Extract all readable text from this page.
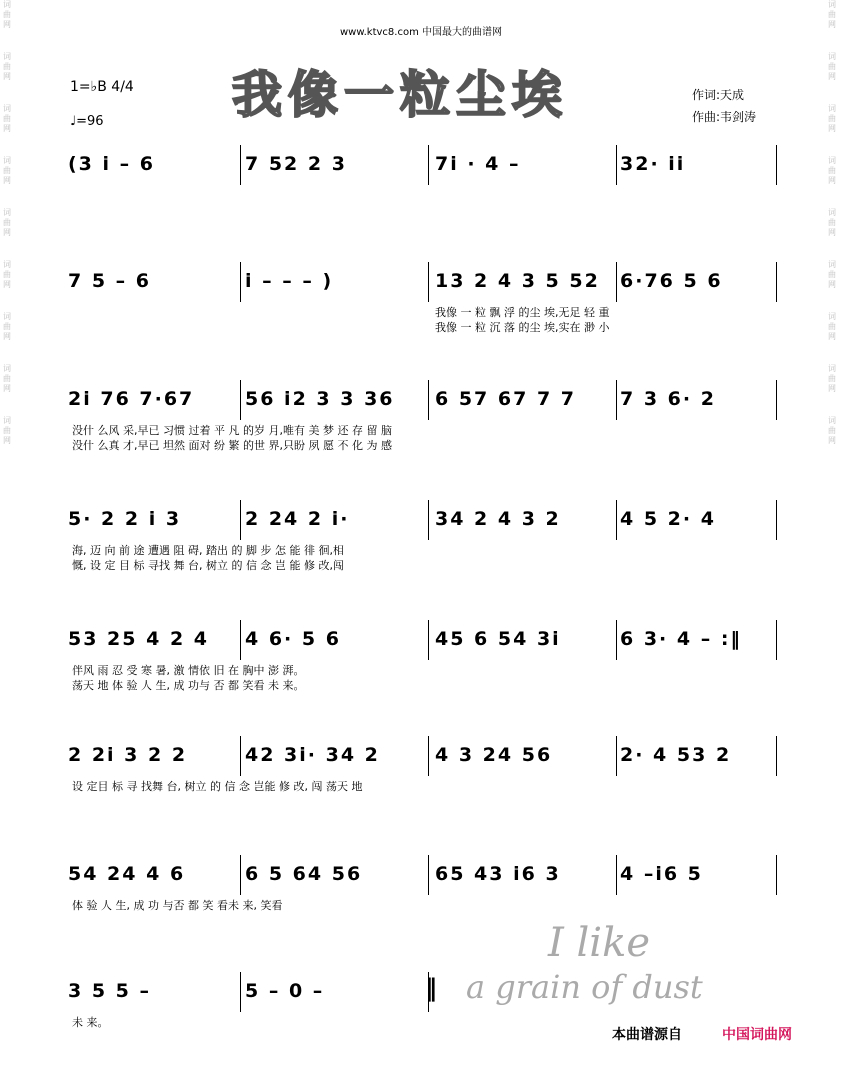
词
曲
网
词
曲
网
词
曲
网
词
曲
网
词
曲
网
词
曲
网
词
曲
网
词
曲
网
词
曲
网
词
曲
网
词
曲
网
词
曲
网
词
曲
网
词
曲
网
词
曲
网
词
曲
网
词
曲
网
词
曲
网
www.ktvc8.com 中国最大的曲谱网
1=♭B 4/4
♩=96	我像一粒尘埃	作词:天成
作曲:韦剑涛
(3 i – 6	7 52 2 3	7i · 4 –	32· ii
7 5 – 6	i – – – )	13 2 4 3 5 52 6·76 5 6
我像 一 粒 飘 浮 的尘 埃,无足 轻 重
我像 一 粒 沉 落 的尘 埃,实在 渺 小
2i 76 7·67	56 i2 3 3 36 6 57 67 7 7 7 3 6· 2
没什 么风 采,早已 习惯 过着 平 凡 的岁 月,唯有 美 梦 还 存 留 脑
没什 么真 才,早已 坦然 面对 纷 繁 的世 界,只盼 夙 愿 不 化 为 感
5· 2 2 i 3	2 24 2 i·	34 2 4 3 2	4 5 2· 4
海, 迈 向 前 途 遭遇 阻 碍, 踏出 的 脚 步 怎 能 徘 徊,相
慨, 设 定 目 标 寻找 舞 台, 树立 的 信 念 岂 能 修 改,闯
53 25 4 2 4 4 6· 5 6	45 6 54 3i	6 3· 4 – :‖
伴风 雨 忍 受 寒 暑, 激 情依 旧 在 胸中 澎 湃。
荡天 地 体 验 人 生, 成 功与 否 都 笑看 未 来。
2 2i 3 2 2	42 3i· 34 2	4 3 24 56	2· 4 53 2
设 定目 标 寻 找舞 台, 树立 的 信 念 岂能 修 改, 闯 荡天 地
54 24 4 6	6 5 64 56	65 43 i6 3	4 –i6 5
体 验 人 生, 成 功 与否 都 笑 看未 来, 笑看
3 5 5 –	5 – 0 –	‖
未 来。
I like
a grain of dust
本曲谱源自	中国词曲网
